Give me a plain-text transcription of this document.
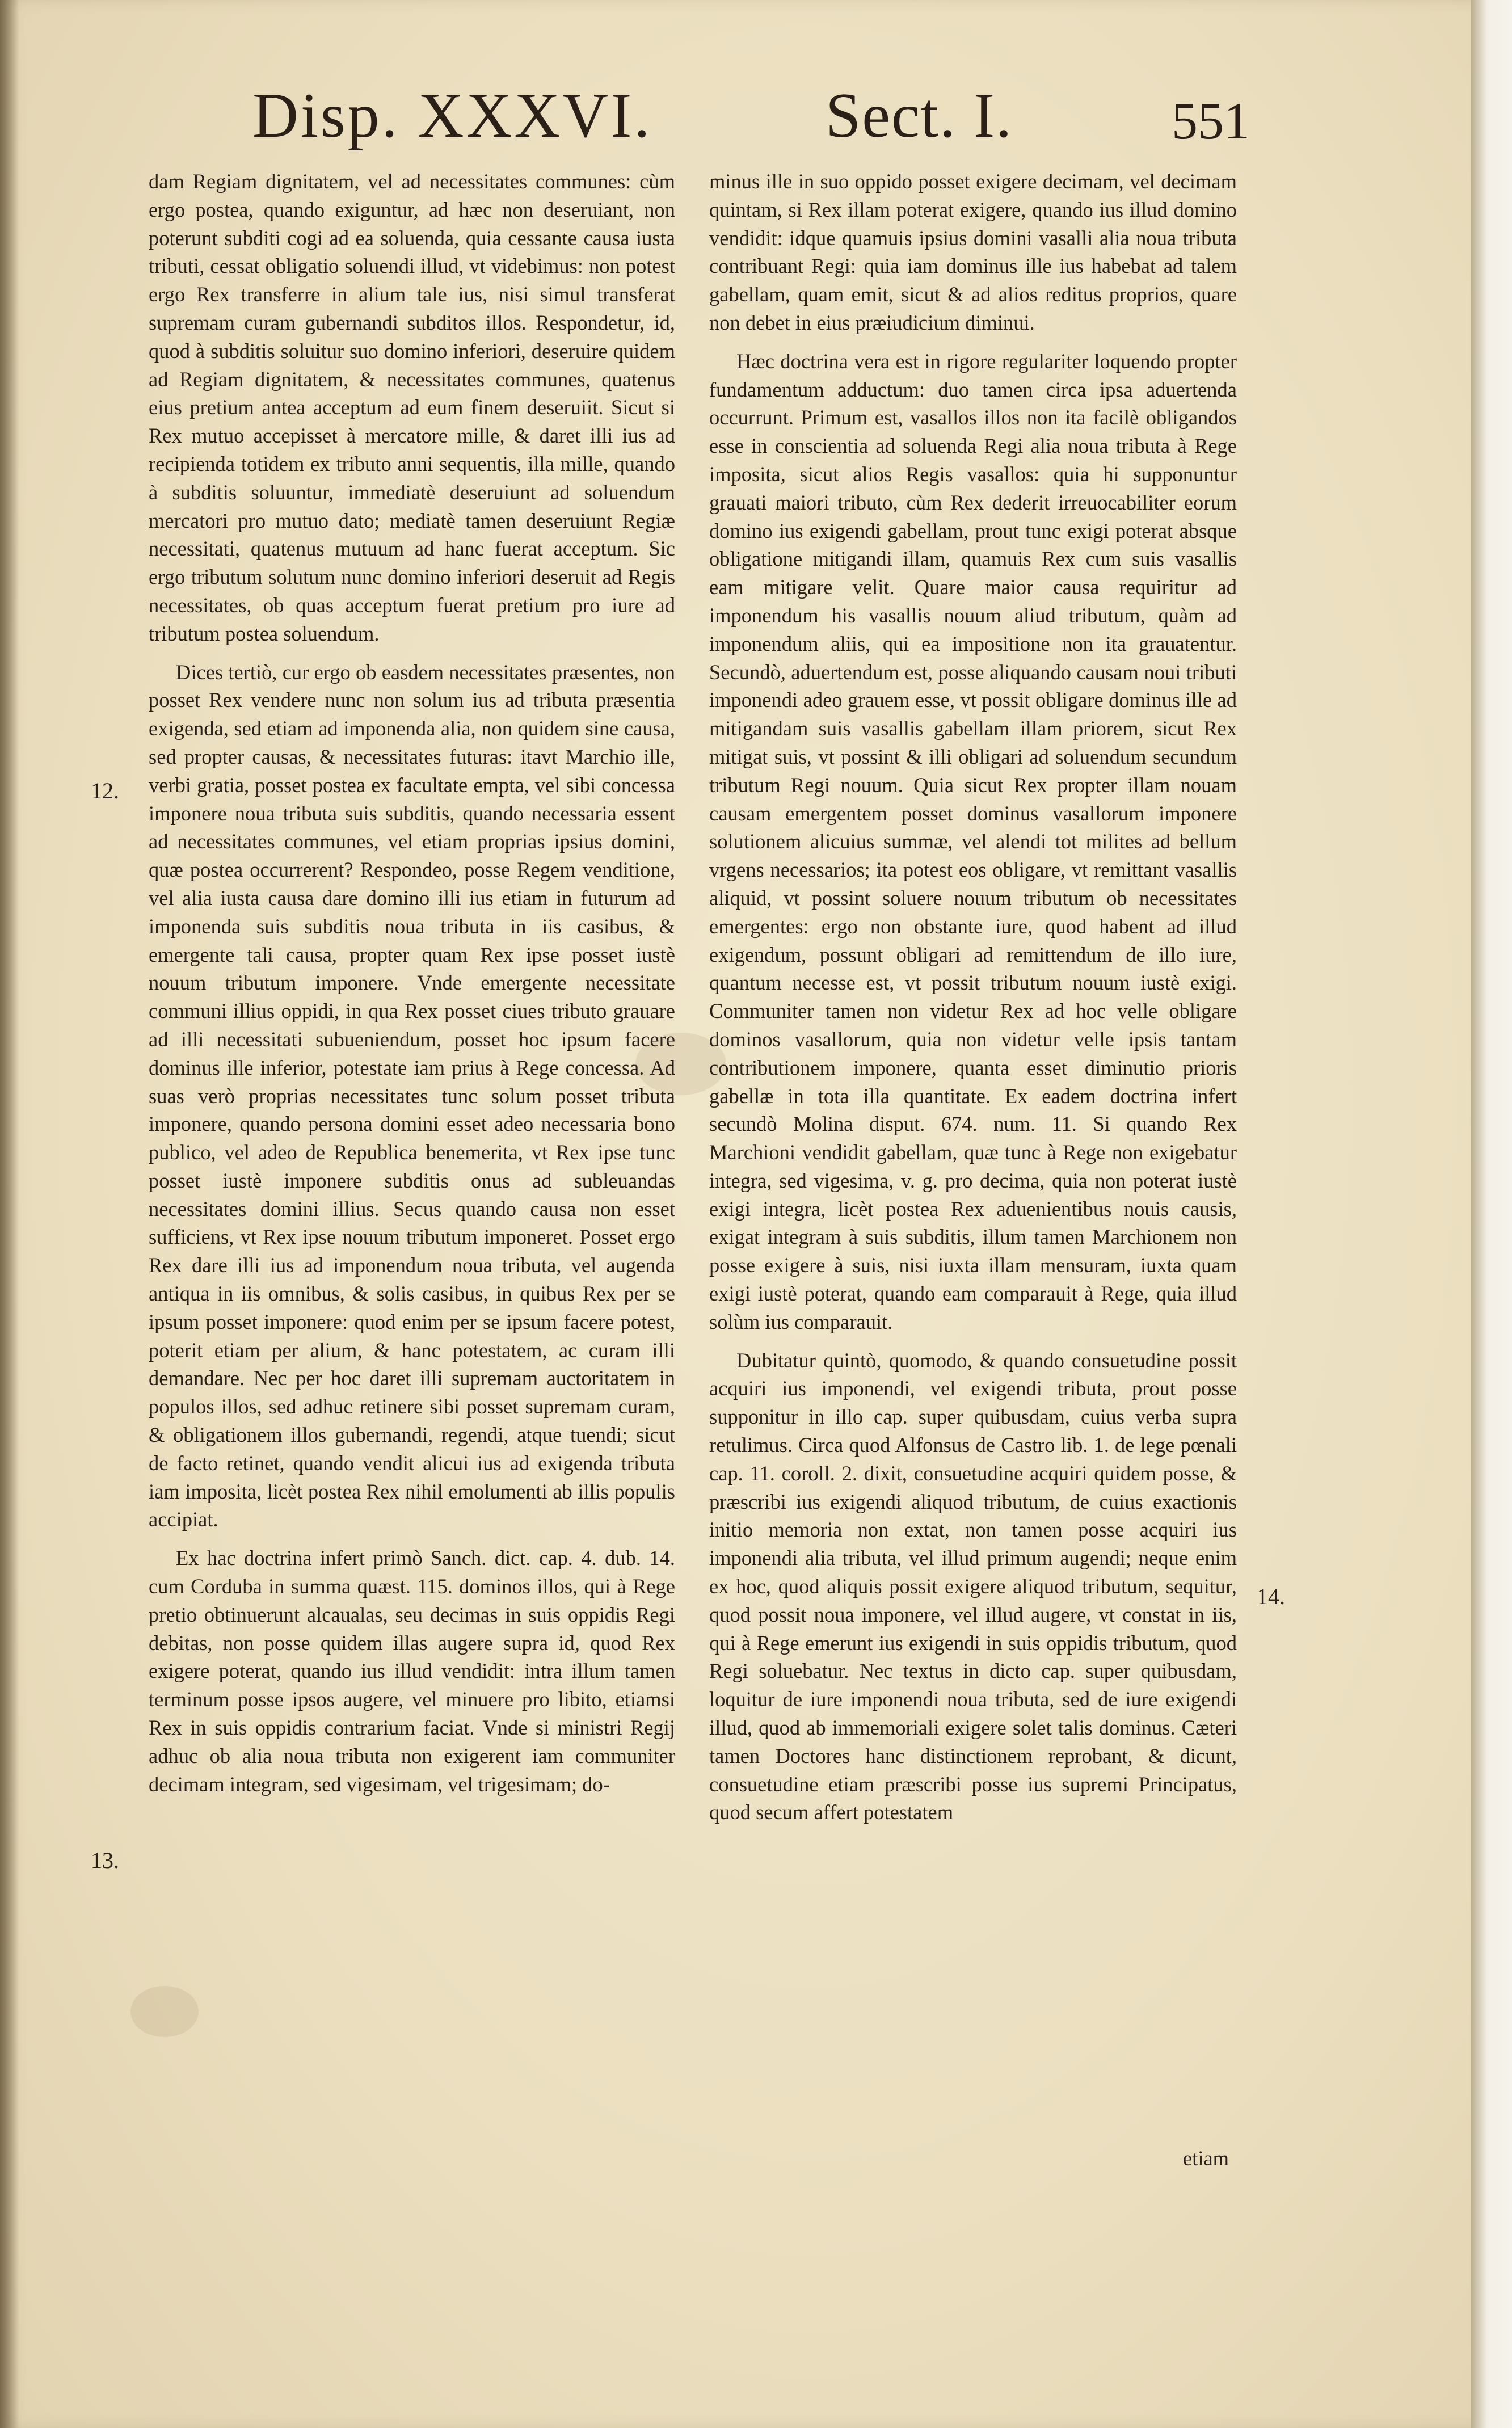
Disp. XXXVI.	Sect. I.	551
12.
13.
14.

dam Regiam dignitatem, vel ad necessitates communes: cùm ergo postea, quando exiguntur, ad hæc non deseruiant, non poterunt subditi cogi ad ea soluenda, quia cessante causa iusta tributi, cessat obligatio soluendi illud, vt videbimus: non potest ergo Rex transferre in alium tale ius, nisi simul transferat supremam curam gubernandi subditos illos. Respondetur, id, quod à subditis soluitur suo domino inferiori, deseruire quidem ad Regiam dignitatem, & necessitates communes, quatenus eius pretium antea acceptum ad eum finem deseruiit. Sicut si Rex mutuo accepisset à mercatore mille, & daret illi ius ad recipienda totidem ex tributo anni sequentis, illa mille, quando à subditis soluuntur, immediatè deseruiunt ad soluendum mercatori pro mutuo dato; mediatè tamen deseruiunt Regiæ necessitati, quatenus mutuum ad hanc fuerat acceptum. Sic ergo tributum solutum nunc domino inferiori deseruit ad Regis necessitates, ob quas acceptum fuerat pretium pro iure ad tributum postea soluendum.

Dices tertiò, cur ergo ob easdem necessitates præsentes, non posset Rex vendere nunc non solum ius ad tributa præsentia exigenda, sed etiam ad imponenda alia, non quidem sine causa, sed propter causas, & necessitates futuras: itavt Marchio ille, verbi gratia, posset postea ex facultate empta, vel sibi concessa imponere noua tributa suis subditis, quando necessaria essent ad necessitates communes, vel etiam proprias ipsius domini, quæ postea occurrerent? Respondeo, posse Regem venditione, vel alia iusta causa dare domino illi ius etiam in futurum ad imponenda suis subditis noua tributa in iis casibus, & emergente tali causa, propter quam Rex ipse posset iustè nouum tributum imponere. Vnde emergente necessitate communi illius oppidi, in qua Rex posset ciues tributo grauare ad illi necessitati subueniendum, posset hoc ipsum facere dominus ille inferior, potestate iam prius à Rege concessa. Ad suas verò proprias necessitates tunc solum posset tributa imponere, quando persona domini esset adeo necessaria bono publico, vel adeo de Republica benemerita, vt Rex ipse tunc posset iustè imponere subditis onus ad subleuandas necessitates domini illius. Secus quando causa non esset sufficiens, vt Rex ipse nouum tributum imponeret. Posset ergo Rex dare illi ius ad imponendum noua tributa, vel augenda antiqua in iis omnibus, & solis casibus, in quibus Rex per se ipsum posset imponere: quod enim per se ipsum facere potest, poterit etiam per alium, & hanc potestatem, ac curam illi demandare. Nec per hoc daret illi supremam auctoritatem in populos illos, sed adhuc retinere sibi posset supremam curam, & obligationem illos gubernandi, regendi, atque tuendi; sicut de facto retinet, quando vendit alicui ius ad exigenda tributa iam imposita, licèt postea Rex nihil emolumenti ab illis populis accipiat.

Ex hac doctrina infert primò Sanch. dict. cap. 4. dub. 14. cum Corduba in summa quæst. 115. dominos illos, qui à Rege pretio obtinuerunt alcaualas, seu decimas in suis oppidis Regi debitas, non posse quidem illas augere supra id, quod Rex exigere poterat, quando ius illud vendidit: intra illum tamen terminum posse ipsos augere, vel minuere pro libito, etiamsi Rex in suis oppidis contrarium faciat. Vnde si ministri Regij adhuc ob alia noua tributa non exigerent iam communiter decimam integram, sed vigesimam, vel trigesimam; do-

minus ille in suo oppido posset exigere decimam, vel decimam quintam, si Rex illam poterat exigere, quando ius illud domino vendidit: idque quamuis ipsius domini vasalli alia noua tributa contribuant Regi: quia iam dominus ille ius habebat ad talem gabellam, quam emit, sicut & ad alios reditus proprios, quare non debet in eius præiudicium diminui.

Hæc doctrina vera est in rigore regulariter loquendo propter fundamentum adductum: duo tamen circa ipsa aduertenda occurrunt. Primum est, vasallos illos non ita facilè obligandos esse in conscientia ad soluenda Regi alia noua tributa à Rege imposita, sicut alios Regis vasallos: quia hi supponuntur grauati maiori tributo, cùm Rex dederit irreuocabiliter eorum domino ius exigendi gabellam, prout tunc exigi poterat absque obligatione mitigandi illam, quamuis Rex cum suis vasallis eam mitigare velit. Quare maior causa requiritur ad imponendum his vasallis nouum aliud tributum, quàm ad imponendum aliis, qui ea impositione non ita grauatentur. Secundò, aduertendum est, posse aliquando causam noui tributi imponendi adeo grauem esse, vt possit obligare dominus ille ad mitigandam suis vasallis gabellam illam priorem, sicut Rex mitigat suis, vt possint & illi obligari ad soluendum secundum tributum Regi nouum. Quia sicut Rex propter illam nouam causam emergentem posset dominus vasallorum imponere solutionem alicuius summæ, vel alendi tot milites ad bellum vrgens necessarios; ita potest eos obligare, vt remittant vasallis aliquid, vt possint soluere nouum tributum ob necessitates emergentes: ergo non obstante iure, quod habent ad illud exigendum, possunt obligari ad remittendum de illo iure, quantum necesse est, vt possit tributum nouum iustè exigi. Communiter tamen non videtur Rex ad hoc velle obligare dominos vasallorum, quia non videtur velle ipsis tantam contributionem imponere, quanta esset diminutio prioris gabellæ in tota illa quantitate. Ex eadem doctrina infert secundò Molina disput. 674. num. 11. Si quando Rex Marchioni vendidit gabellam, quæ tunc à Rege non exigebatur integra, sed vigesima, v. g. pro decima, quia non poterat iustè exigi integra, licèt postea Rex aduenientibus nouis causis, exigat integram à suis subditis, illum tamen Marchionem non posse exigere à suis, nisi iuxta illam mensuram, iuxta quam exigi iustè poterat, quando eam comparauit à Rege, quia illud solùm ius comparauit.

Dubitatur quintò, quomodo, & quando consuetudine possit acquiri ius imponendi, vel exigendi tributa, prout posse supponitur in illo cap. super quibusdam, cuius verba supra retulimus. Circa quod Alfonsus de Castro lib. 1. de lege pœnali cap. 11. coroll. 2. dixit, consuetudine acquiri quidem posse, & præscribi ius exigendi aliquod tributum, de cuius exactionis initio memoria non extat, non tamen posse acquiri ius imponendi alia tributa, vel illud primum augendi; neque enim ex hoc, quod aliquis possit exigere aliquod tributum, sequitur, quod possit noua imponere, vel illud augere, vt constat in iis, qui à Rege emerunt ius exigendi in suis oppidis tributum, quod Regi soluebatur. Nec textus in dicto cap. super quibusdam, loquitur de iure imponendi noua tributa, sed de iure exigendi illud, quod ab immemoriali exigere solet talis dominus. Cæteri tamen Doctores hanc distinctionem reprobant, & dicunt, consuetudine etiam præscribi posse ius supremi Principatus, quod secum affert potestatem

etiam
